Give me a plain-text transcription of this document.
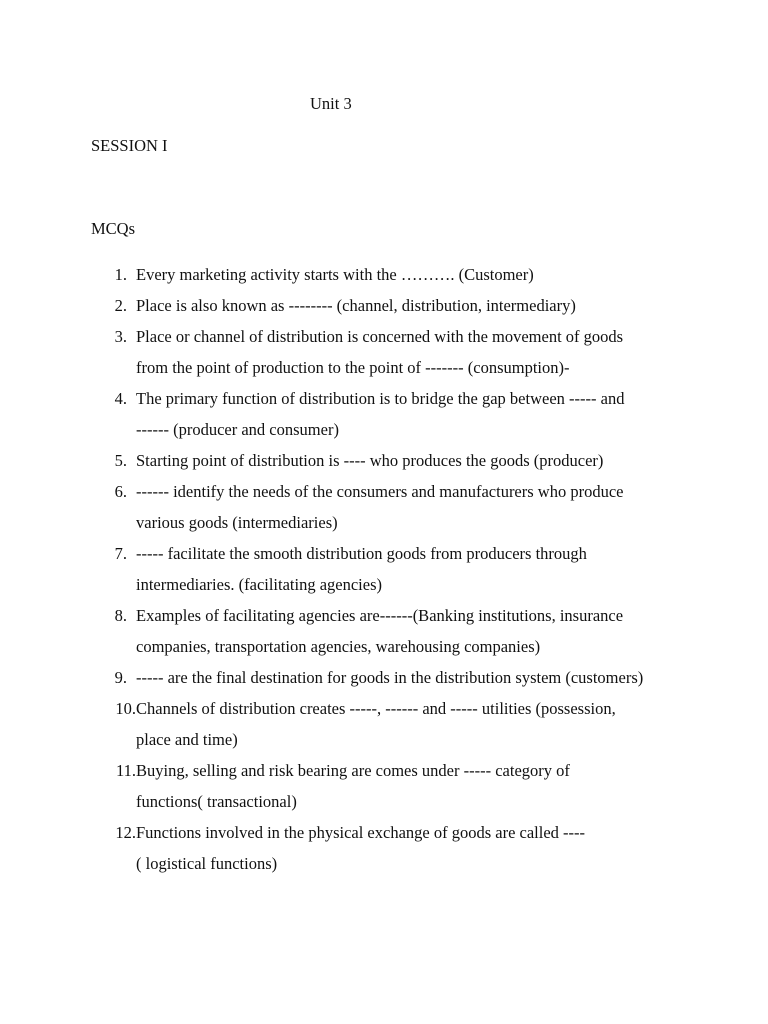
Unit 3
SESSION I
MCQs
1. Every marketing activity starts with the ………. (Customer)
2. Place is also known as -------- (channel, distribution, intermediary)
3. Place or channel of distribution is concerned with the movement of goods
from the point of production to the point of ------- (consumption)-
4. The primary function of distribution is to bridge the gap between ----- and
------ (producer and consumer)
5. Starting point of distribution is ---- who produces the goods (producer)
6. ------ identify the needs of the consumers and manufacturers who produce
various goods (intermediaries)
7. ----- facilitate the smooth distribution goods from producers through
intermediaries. (facilitating agencies)
8. Examples of facilitating agencies are------(Banking institutions, insurance
companies, transportation agencies, warehousing companies)
9. ----- are the final destination for goods in the distribution system (customers)
10. Channels of distribution creates -----, ------ and ----- utilities (possession,
place and time)
11. Buying, selling and risk bearing are comes under ----- category of
functions( transactional)
12. Functions involved in the physical exchange of goods are called ----
( logistical functions)
